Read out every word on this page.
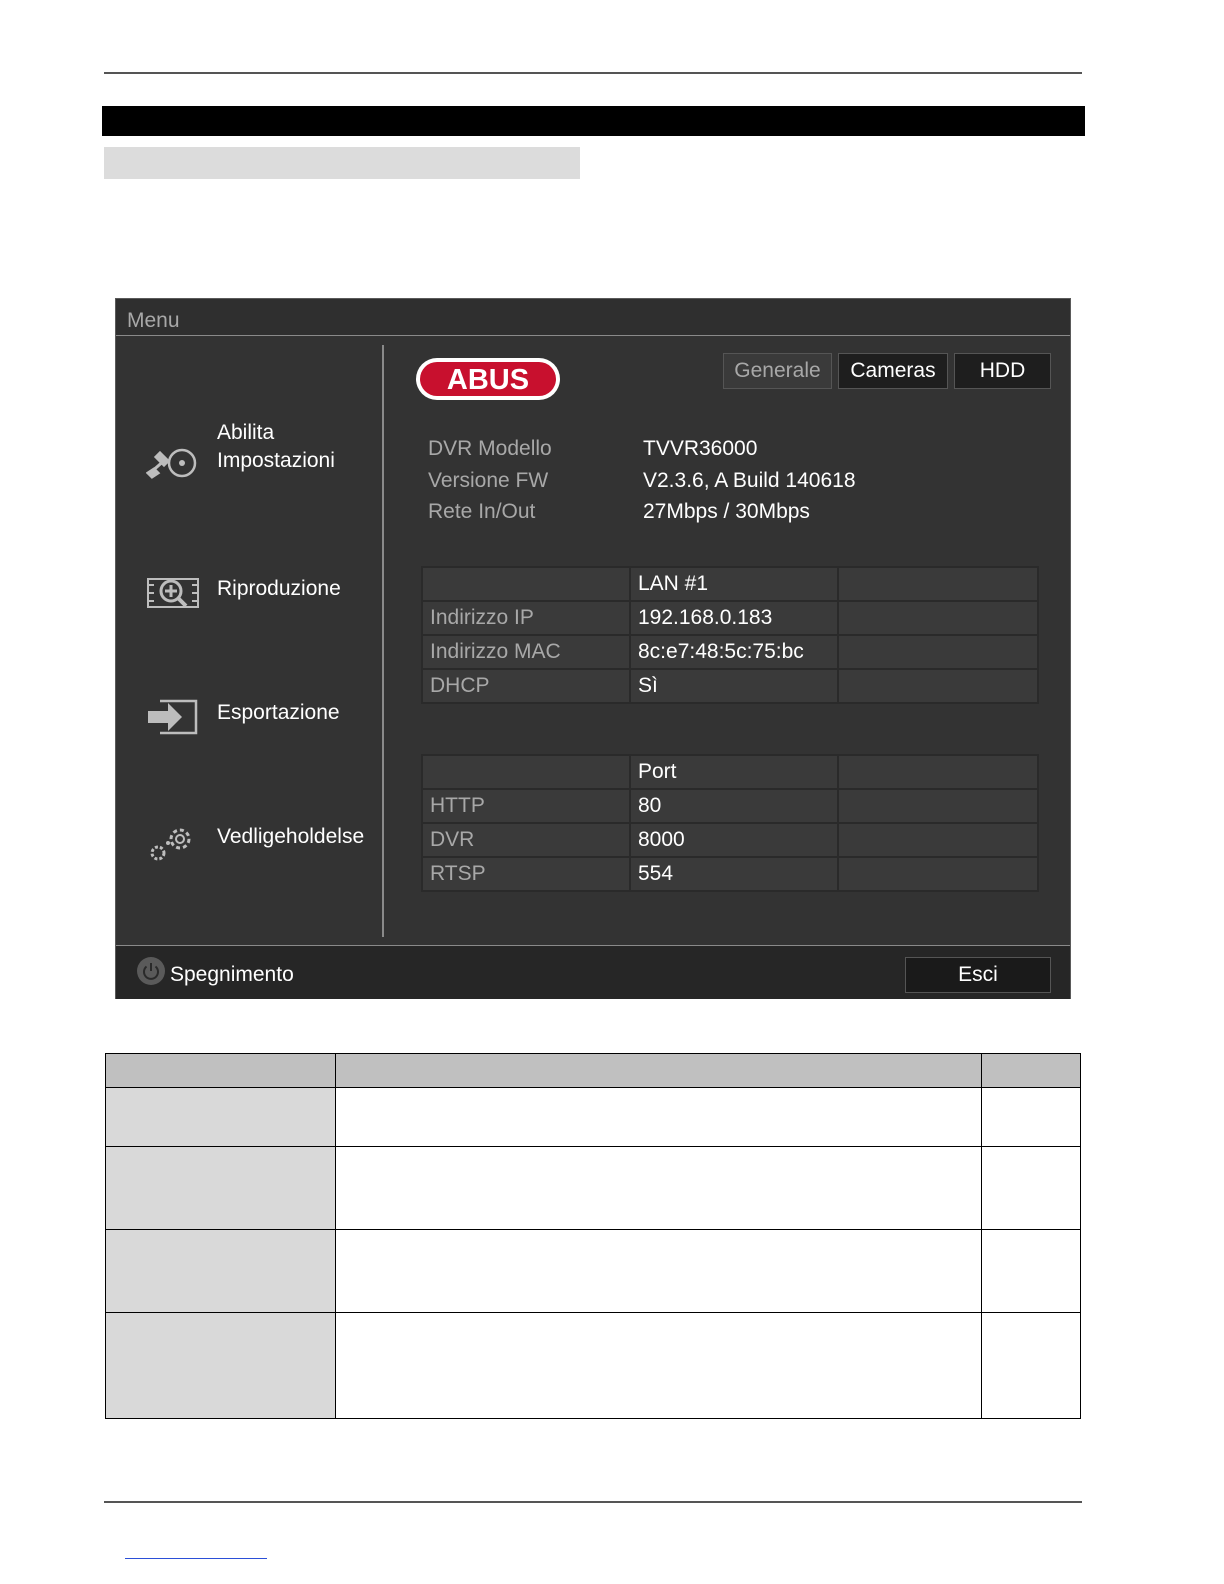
Menu
Abilita
Impostazioni
Riproduzione
Esportazione
Vedligeholdelse
ABUS	Generale	Cameras	HDD
DVR Modello	TVVR36000
Versione FW	V2.3.6, A Build 140618
Rete In/Out	27Mbps / 30Mbps
	LAN #1	
Indirizzo IP	192.168.0.183	
Indirizzo MAC	8c:e7:48:5c:75:bc	
DHCP	Sì	
	Port	
HTTP	80	
DVR	8000	
RTSP	554	
Spegnimento	Esci
